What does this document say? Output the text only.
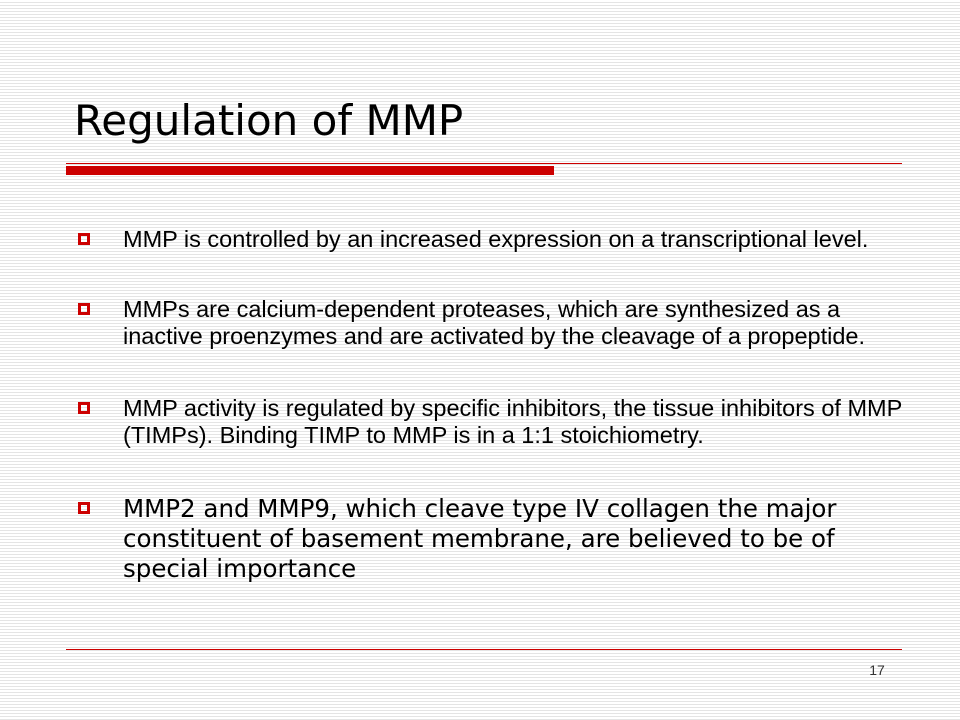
Regulation of MMP

MMP is controlled by an increased expression on a transcriptional level.

MMPs are calcium-dependent proteases, which are synthesized as a inactive proenzymes and are activated by the cleavage of a propeptide.

MMP activity is regulated by specific inhibitors, the tissue inhibitors of MMP (TIMPs). Binding TIMP to MMP is in a 1:1 stoichiometry.

MMP2 and MMP9, which cleave type IV collagen the major constituent of basement membrane, are believed to be of special importance

17
